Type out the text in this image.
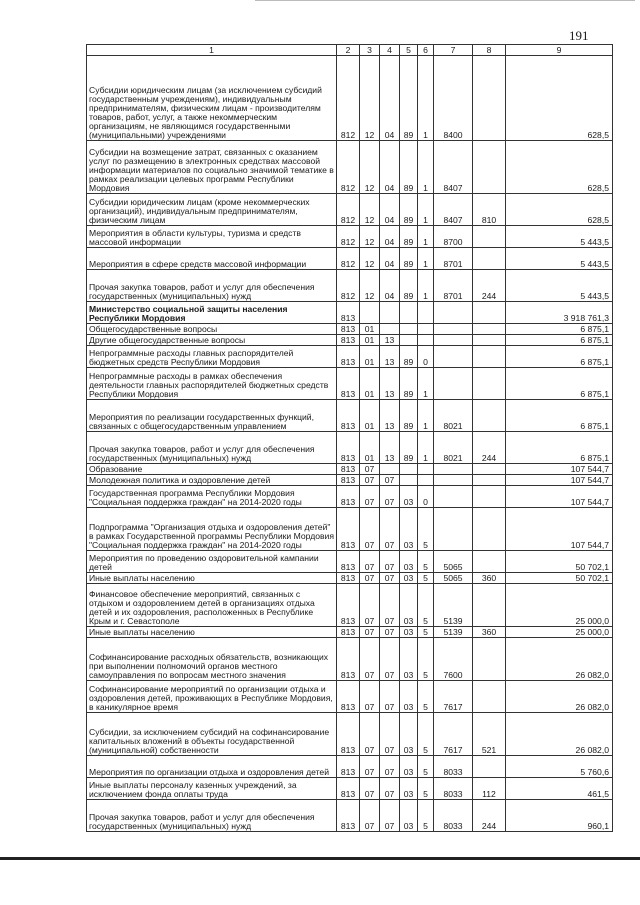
191
1	2	3	4	5	6	7	8	9
Субсидии юридическим лицам (за исключением субсидий государственным учреждениям), индивидуальным предпринимателям, физическим лицам - производителям товаров, работ, услуг, а также некоммерческим организациям, не являющимся государственными (муниципальными) учреждениями	812	12	04	89	1	8400		628,5
Субсидии на возмещение затрат, связанных с оказанием услуг по размещению в электронных средствах массовой информации материалов по социально значимой тематике в рамках реализации целевых программ Республики Мордовия	812	12	04	89	1	8407		628,5
Субсидии юридическим лицам (кроме некоммерческих организаций), индивидуальным предпринимателям, физическим лицам	812	12	04	89	1	8407	810	628,5
Мероприятия в области культуры, туризма и средств массовой информации	812	12	04	89	1	8700		5 443,5
Мероприятия в сфере средств массовой информации	812	12	04	89	1	8701		5 443,5
Прочая закупка товаров, работ и услуг для обеспечения государственных (муниципальных) нужд	812	12	04	89	1	8701	244	5 443,5
Министерство социальной защиты населения Республики Мордовия	813							3 918 761,3
Общегосударственные вопросы	813	01						6 875,1
Другие общегосударственные вопросы	813	01	13					6 875,1
Непрограммные расходы главных распорядителей бюджетных средств Республики Мордовия	813	01	13	89	0			6 875,1
Непрограммные расходы в рамках обеспечения деятельности главных распорядителей бюджетных средств Республики Мордовия	813	01	13	89	1			6 875,1
Мероприятия по реализации государственных функций, связанных с общегосударственным управлением	813	01	13	89	1	8021		6 875,1
Прочая закупка товаров, работ и услуг для обеспечения государственных (муниципальных) нужд	813	01	13	89	1	8021	244	6 875,1
Образование	813	07						107 544,7
Молодежная политика и оздоровление детей	813	07	07					107 544,7
Государственная программа Республики Мордовия "Социальная поддержка граждан" на 2014-2020 годы	813	07	07	03	0			107 544,7
Подпрограмма "Организация отдыха и оздоровления детей" в рамках Государственной программы Республики Мордовия "Социальная поддержка граждан" на 2014-2020 годы	813	07	07	03	5			107 544,7
Мероприятия по проведению оздоровительной кампании детей	813	07	07	03	5	5065		50 702,1
Иные выплаты населению	813	07	07	03	5	5065	360	50 702,1
Финансовое обеспечение мероприятий, связанных с отдыхом и оздоровлением детей в организациях отдыха детей и их оздоровления, расположенных в Республике Крым и г. Севастополе	813	07	07	03	5	5139		25 000,0
Иные выплаты населению	813	07	07	03	5	5139	360	25 000,0
Софинансирование расходных обязательств, возникающих при выполнении полномочий органов местного самоуправления по вопросам местного значения	813	07	07	03	5	7600		26 082,0
Софинансирование мероприятий по организации отдыха и оздоровления детей, проживающих в Республике Мордовия, в каникулярное время	813	07	07	03	5	7617		26 082,0
Субсидии, за исключением субсидий на софинансирование капитальных вложений в объекты государственной (муниципальной) собственности	813	07	07	03	5	7617	521	26 082,0
Мероприятия по организации отдыха и оздоровления детей	813	07	07	03	5	8033		5 760,6
Иные выплаты персоналу казенных учреждений, за исключением фонда оплаты труда	813	07	07	03	5	8033	112	461,5
Прочая закупка товаров, работ и услуг для обеспечения государственных (муниципальных) нужд	813	07	07	03	5	8033	244	960,1
